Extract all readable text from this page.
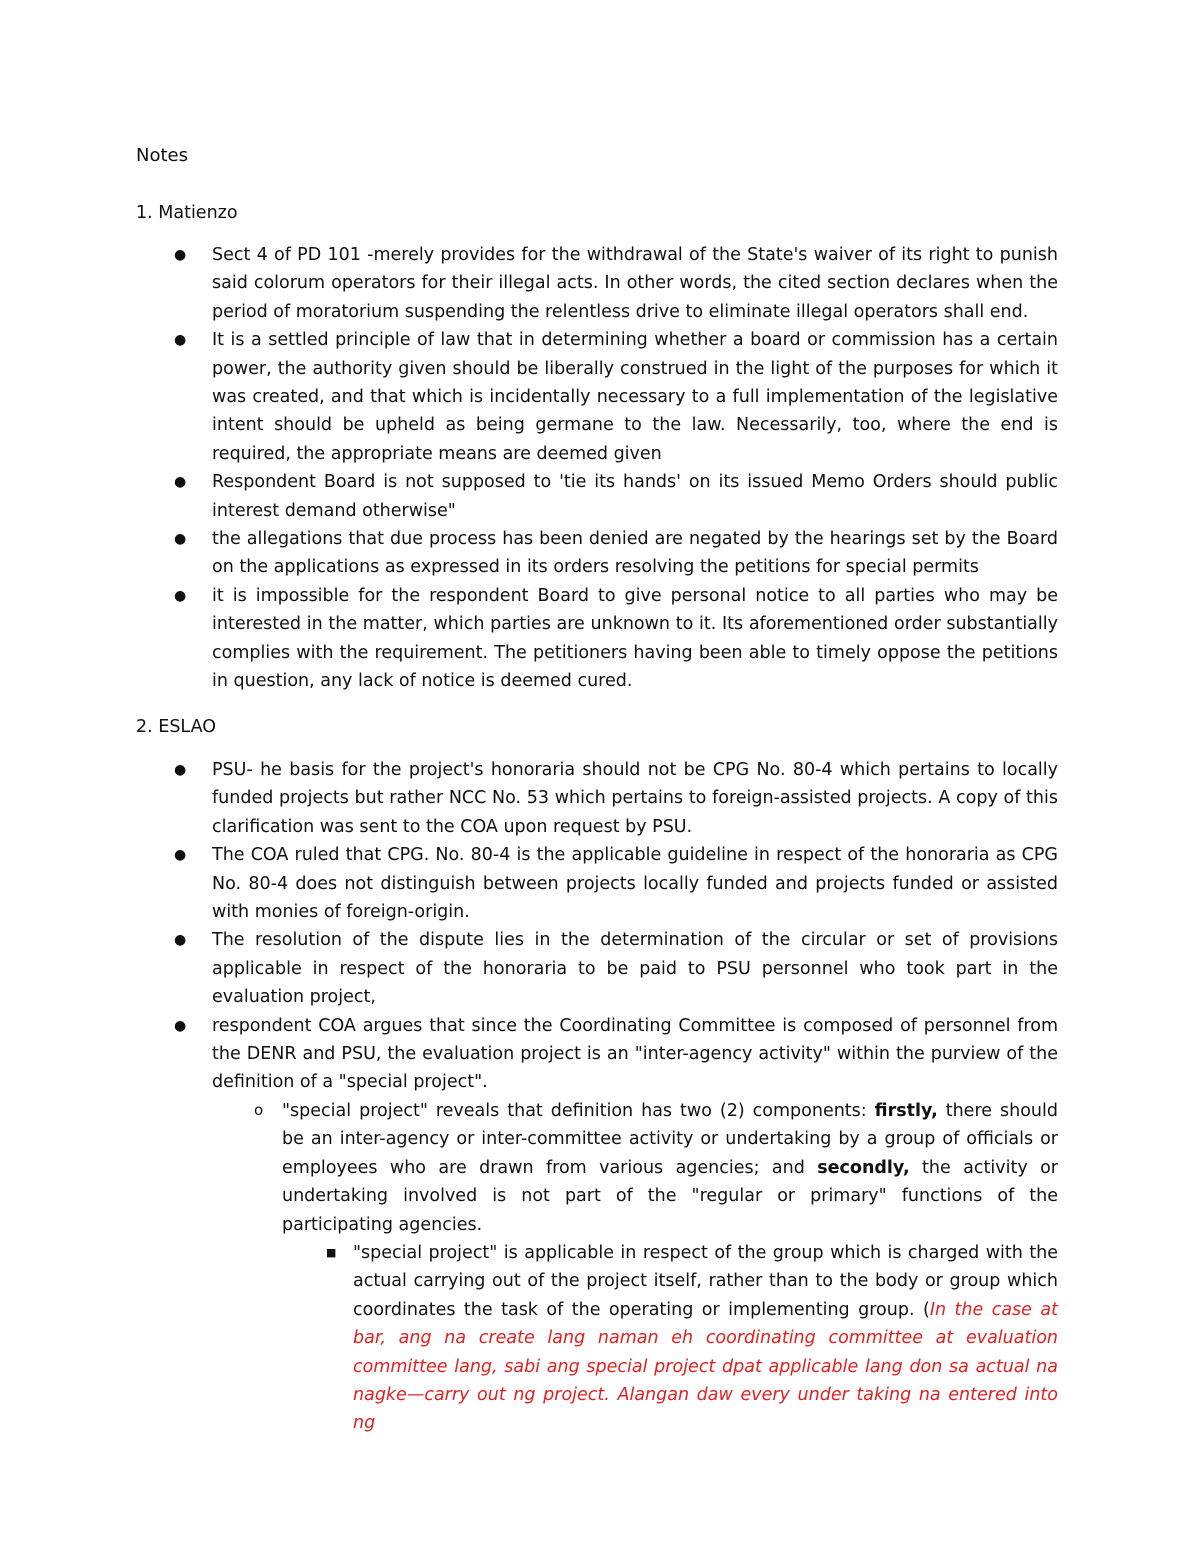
Notes
1. Matienzo
● Sect 4 of PD 101 -merely provides for the withdrawal of the State's waiver of its right to punish said colorum operators for their illegal acts. In other words, the cited section declares when the period of moratorium suspending the relentless drive to eliminate illegal operators shall end.
● It is a settled principle of law that in determining whether a board or commission has a certain power, the authority given should be liberally construed in the light of the purposes for which it was created, and that which is incidentally necessary to a full implementation of the legislative intent should be upheld as being germane to the law. Necessarily, too, where the end is required, the appropriate means are deemed given
● Respondent Board is not supposed to 'tie its hands' on its issued Memo Orders should public interest demand otherwise"
● the allegations that due process has been denied are negated by the hearings set by the Board on the applications as expressed in its orders resolving the petitions for special permits
● it is impossible for the respondent Board to give personal notice to all parties who may be interested in the matter, which parties are unknown to it. Its aforementioned order substantially complies with the requirement. The petitioners having been able to timely oppose the petitions in question, any lack of notice is deemed cured.
2. ESLAO
● PSU- he basis for the project's honoraria should not be CPG No. 80-4 which pertains to locally funded projects but rather NCC No. 53 which pertains to foreign-assisted projects. A copy of this clarification was sent to the COA upon request by PSU.
● The COA ruled that CPG. No. 80-4 is the applicable guideline in respect of the honoraria as CPG No. 80-4 does not distinguish between projects locally funded and projects funded or assisted with monies of foreign-origin.
● The resolution of the dispute lies in the determination of the circular or set of provisions applicable in respect of the honoraria to be paid to PSU personnel who took part in the evaluation project,
● respondent COA argues that since the Coordinating Committee is composed of personnel from the DENR and PSU, the evaluation project is an "inter-agency activity" within the purview of the definition of a "special project".
o "special project" reveals that definition has two (2) components: firstly, there should be an inter-agency or inter-committee activity or undertaking by a group of officials or employees who are drawn from various agencies; and secondly, the activity or undertaking involved is not part of the "regular or primary" functions of the participating agencies.
■ "special project" is applicable in respect of the group which is charged with the actual carrying out of the project itself, rather than to the body or group which coordinates the task of the operating or implementing group. (In the case at bar, ang na create lang naman eh coordinating committee at evaluation committee lang, sabi ang special project dpat applicable lang don sa actual na nagke—carry out ng project. Alangan daw every under taking na entered into ng
